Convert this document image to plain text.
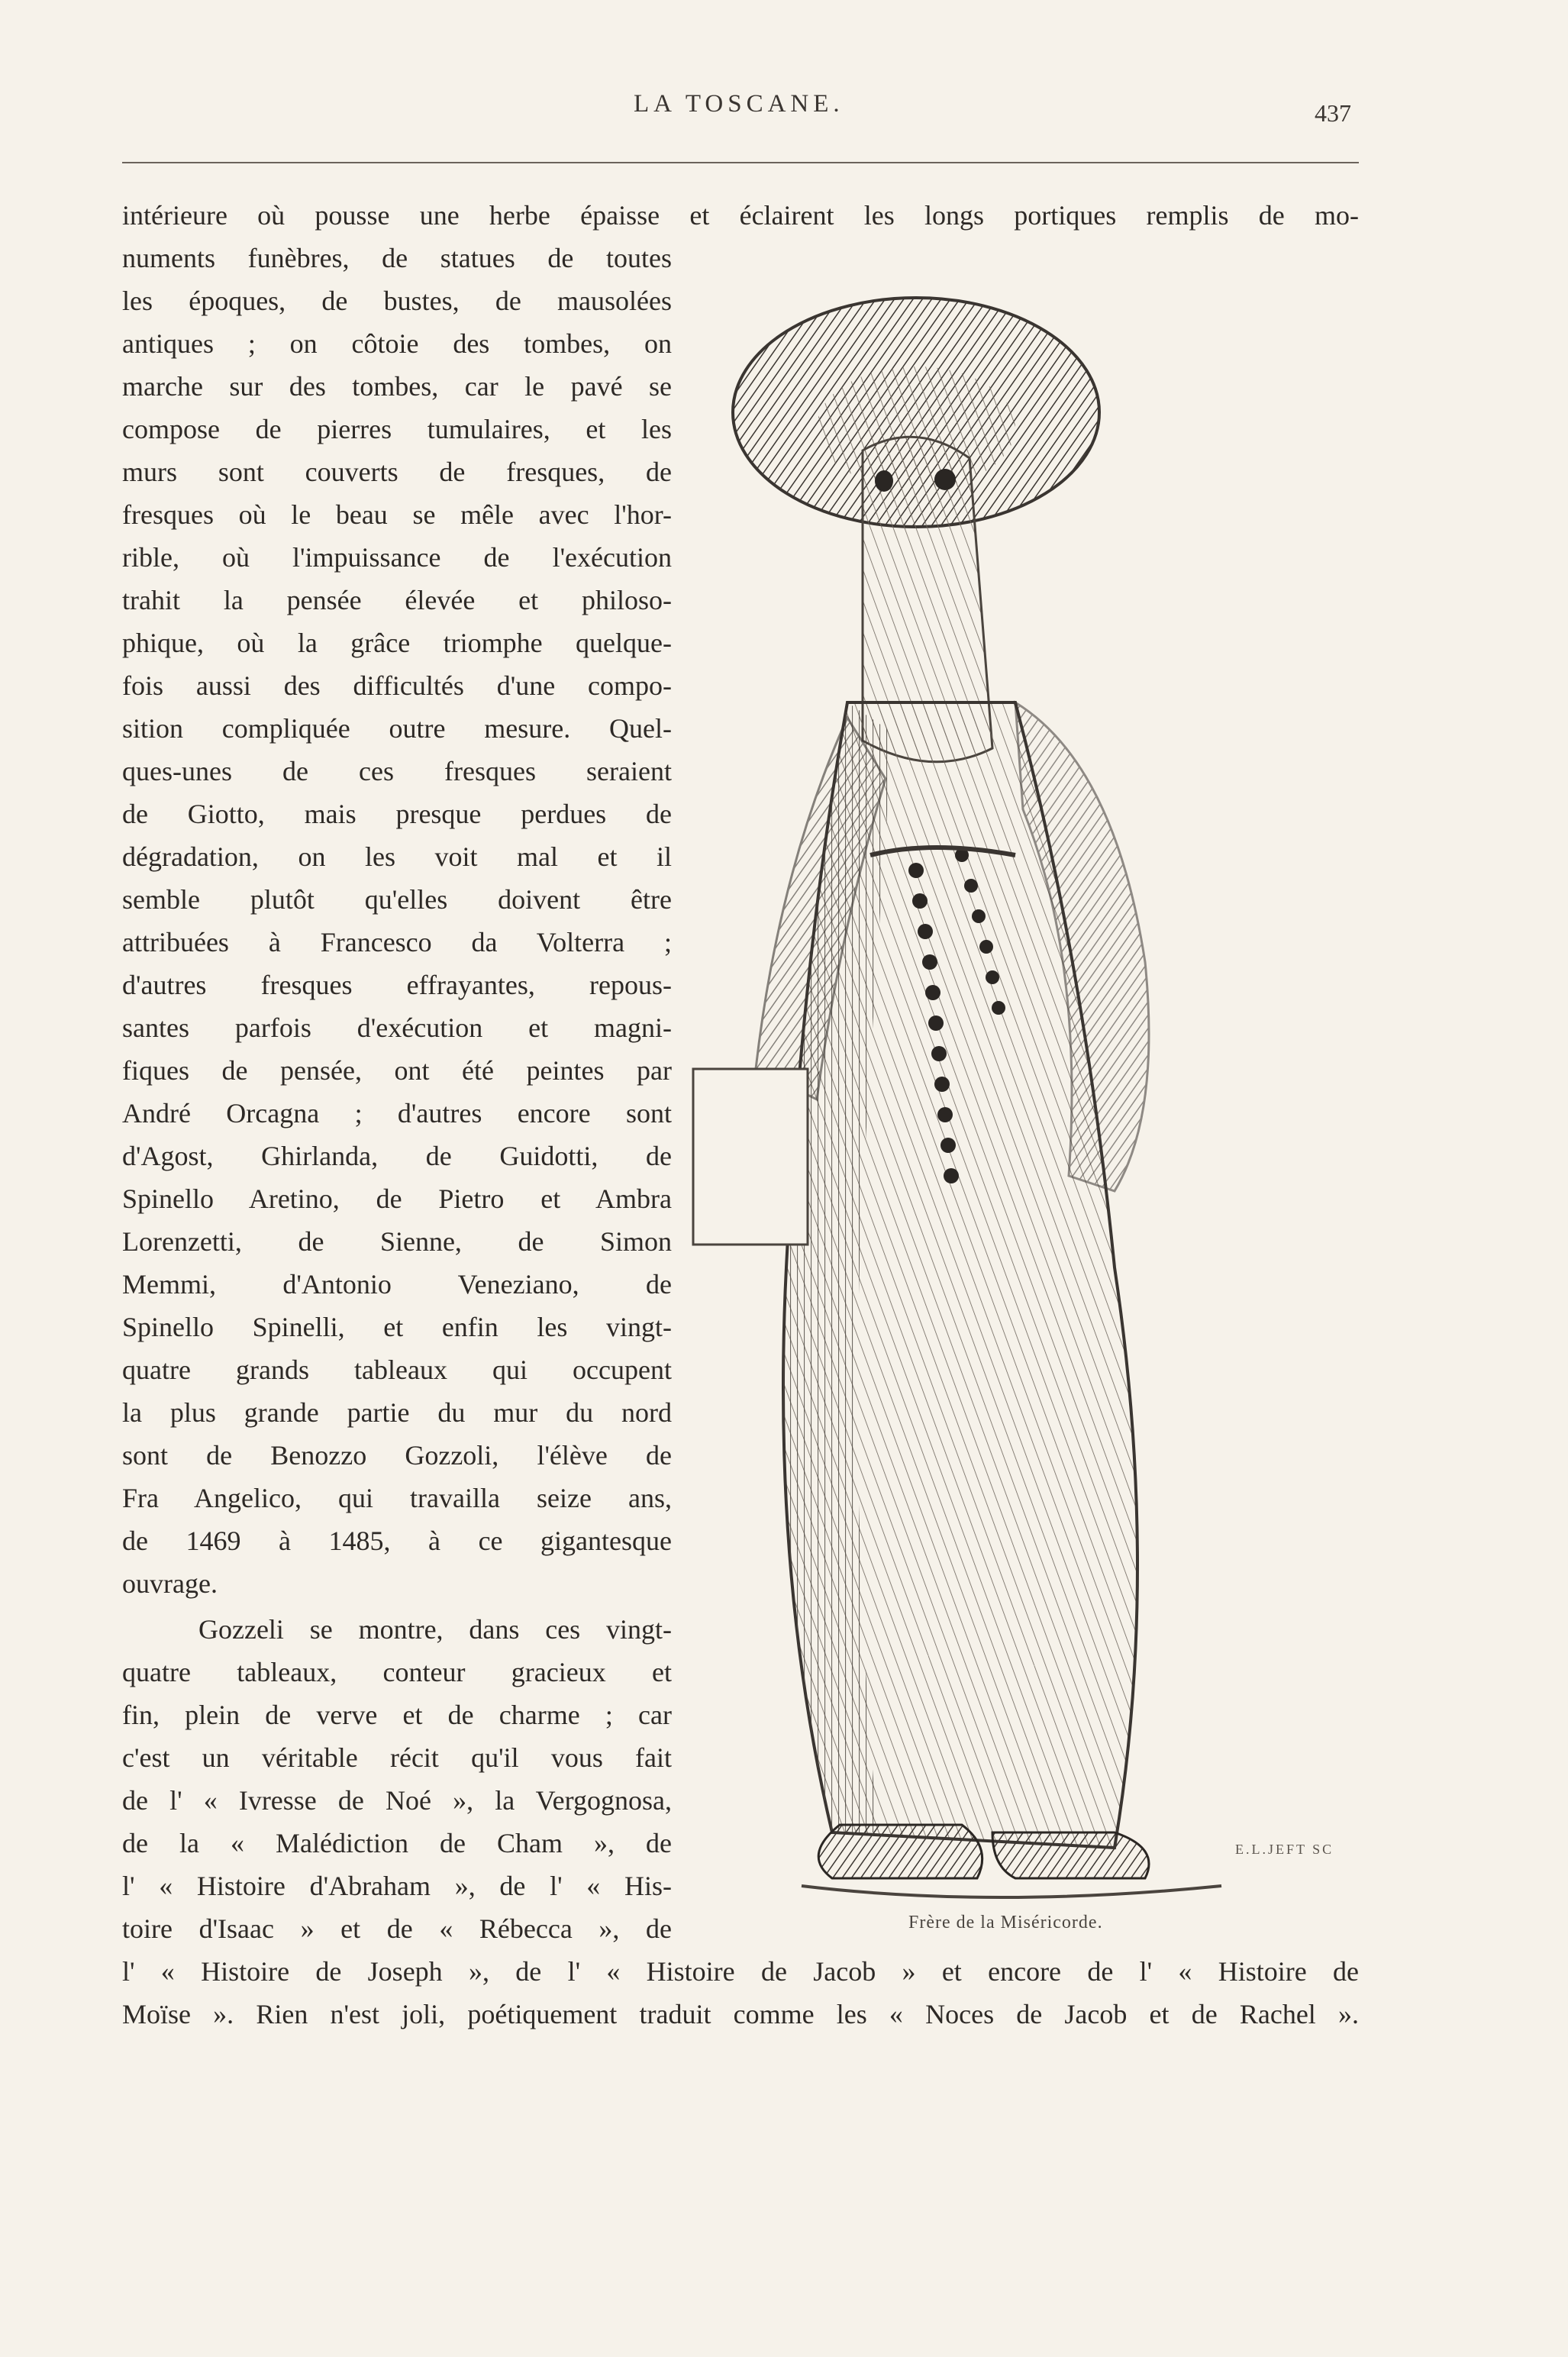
LA TOSCANE.	437
intérieure où pousse une herbe épaisse et éclairent les longs portiques remplis de mo-
numents funèbres, de statues de toutes
les époques, de bustes, de mausolées
antiques ; on côtoie des tombes, on
marche sur des tombes, car le pavé se
compose de pierres tumulaires, et les
murs sont couverts de fresques, de
fresques où le beau se mêle avec l'hor-
rible, où l'impuissance de l'exécution
trahit la pensée élevée et philoso-
phique, où la grâce triomphe quelque-
fois aussi des difficultés d'une compo-
sition compliquée outre mesure. Quel-
ques-unes de ces fresques seraient
de Giotto, mais presque perdues de
dégradation, on les voit mal et il
semble plutôt qu'elles doivent être
attribuées à Francesco da Volterra ;
d'autres fresques effrayantes, repous-
santes parfois d'exécution et magni-
fiques de pensée, ont été peintes par
André Orcagna ; d'autres encore sont
d'Agost, Ghirlanda, de Guidotti, de
Spinello Aretino, de Pietro et Ambra
Lorenzetti, de Sienne, de Simon
Memmi, d'Antonio Veneziano, de
Spinello Spinelli, et enfin les vingt-
quatre grands tableaux qui occupent
la plus grande partie du mur du nord
sont de Benozzo Gozzoli, l'élève de
Fra Angelico, qui travailla seize ans,
de 1469 à 1485, à ce gigantesque
ouvrage.
Gozzeli se montre, dans ces vingt-
quatre tableaux, conteur gracieux et
fin, plein de verve et de charme ; car
c'est un véritable récit qu'il vous fait
de l' « Ivresse de Noé », la Vergognosa,
de la « Malédiction de Cham », de
l' « Histoire d'Abraham », de l' « His-
toire d'Isaac » et de « Rébecca », de
l' « Histoire de Joseph », de l' « Histoire de Jacob » et encore de l' « Histoire de
Moïse ». Rien n'est joli, poétiquement traduit comme les « Noces de Jacob et de Rachel ».
E.L.JEFT SC
Frère de la Miséricorde.
